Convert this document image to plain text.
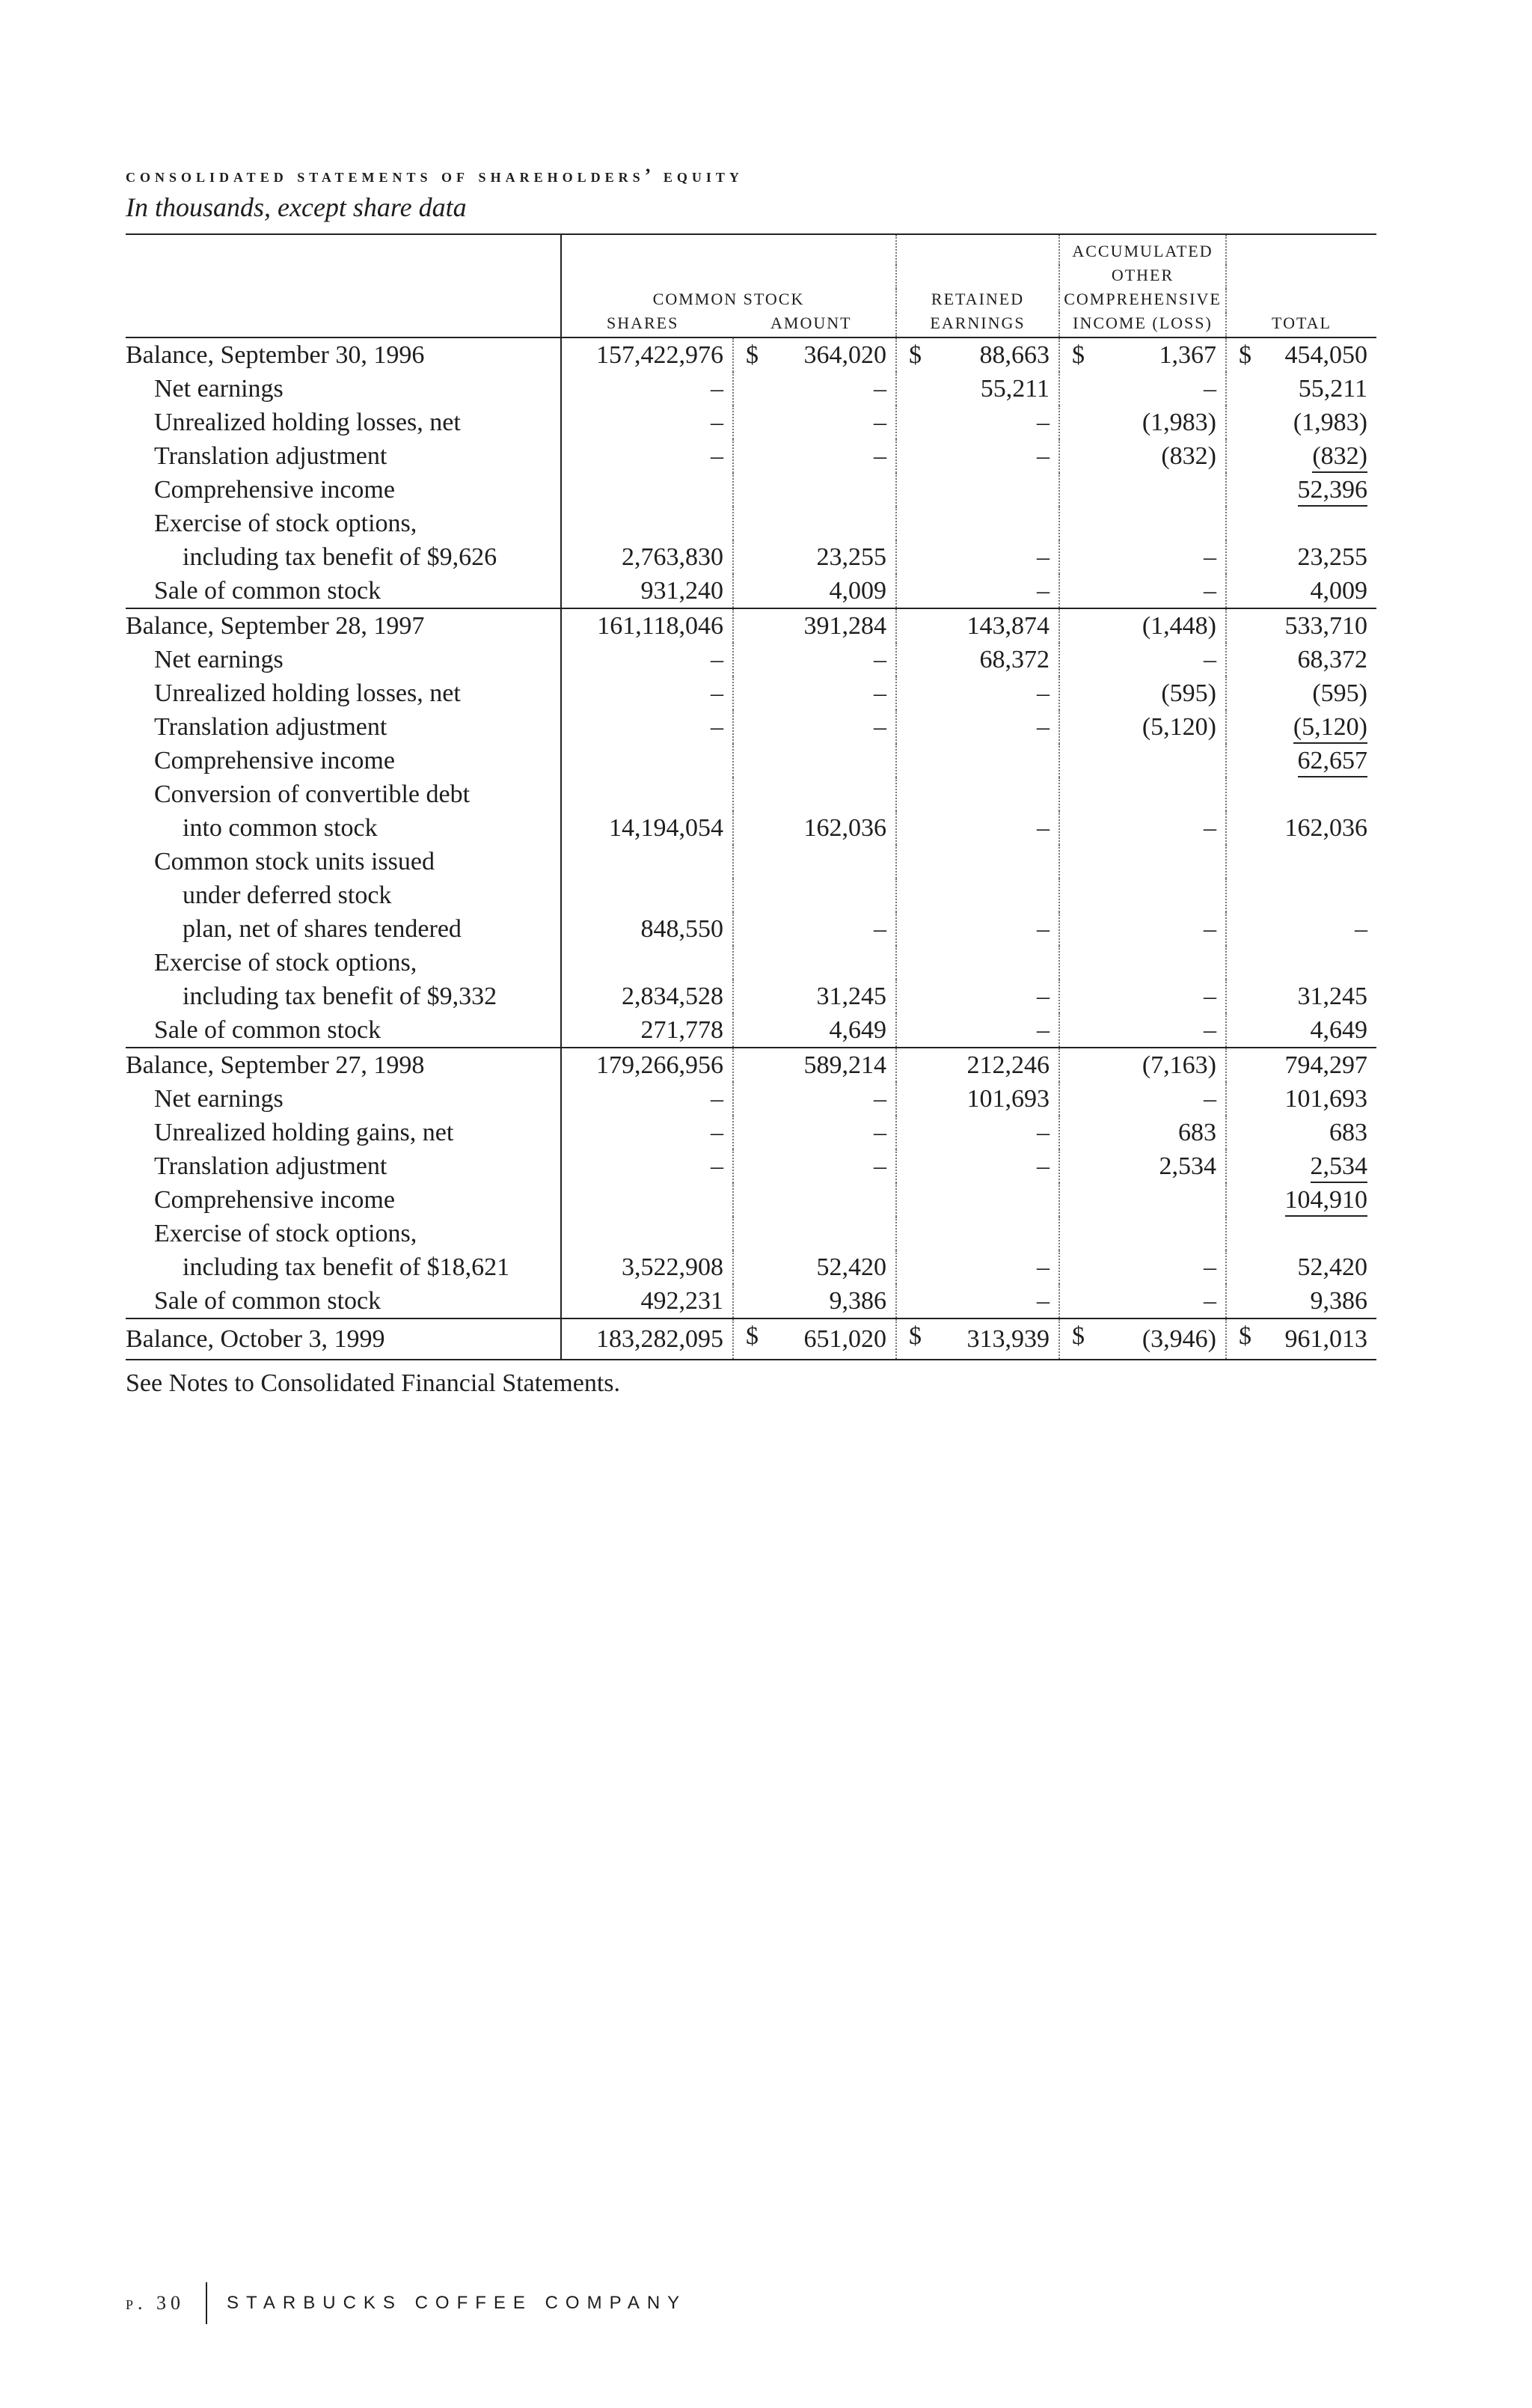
consolidated statements of shareholders’ equity
In thousands, except share data
				ACCUMULATED	
				OTHER	
	COMMON STOCK		RETAINED	COMPREHENSIVE	
	SHARES	AMOUNT	EARNINGS	INCOME (LOSS)	TOTAL
Balance, September 30, 1996	157,422,976	$ 364,020	$ 88,663	$ 1,367	$ 454,050
Net earnings	–	–	55,211	–	55,211
Unrealized holding losses, net	–	–	–	(1,983)	(1,983)
Translation adjustment	–	–	–	(832)	(832)
Comprehensive income					52,396
Exercise of stock options,					
including tax benefit of $9,626	2,763,830	23,255	–	–	23,255
Sale of common stock	931,240	4,009	–	–	4,009
Balance, September 28, 1997	161,118,046	391,284	143,874	(1,448)	533,710
Net earnings	–	–	68,372	–	68,372
Unrealized holding losses, net	–	–	–	(595)	(595)
Translation adjustment	–	–	–	(5,120)	(5,120)
Comprehensive income					62,657
Conversion of convertible debt					
into common stock	14,194,054	162,036	–	–	162,036
Common stock units issued					
under deferred stock					
plan, net of shares tendered	848,550	–	–	–	–
Exercise of stock options,					
including tax benefit of $9,332	2,834,528	31,245	–	–	31,245
Sale of common stock	271,778	4,649	–	–	4,649
Balance, September 27, 1998	179,266,956	589,214	212,246	(7,163)	794,297
Net earnings	–	–	101,693	–	101,693
Unrealized holding gains, net	–	–	–	683	683
Translation adjustment	–	–	–	2,534	2,534
Comprehensive income					104,910
Exercise of stock options,					
including tax benefit of $18,621	3,522,908	52,420	–	–	52,420
Sale of common stock	492,231	9,386	–	–	9,386
Balance, October 3, 1999	183,282,095	$ 651,020	$ 313,939	$ (3,946)	$ 961,013
See Notes to Consolidated Financial Statements.
p. 30 STARBUCKS COFFEE COMPANY
